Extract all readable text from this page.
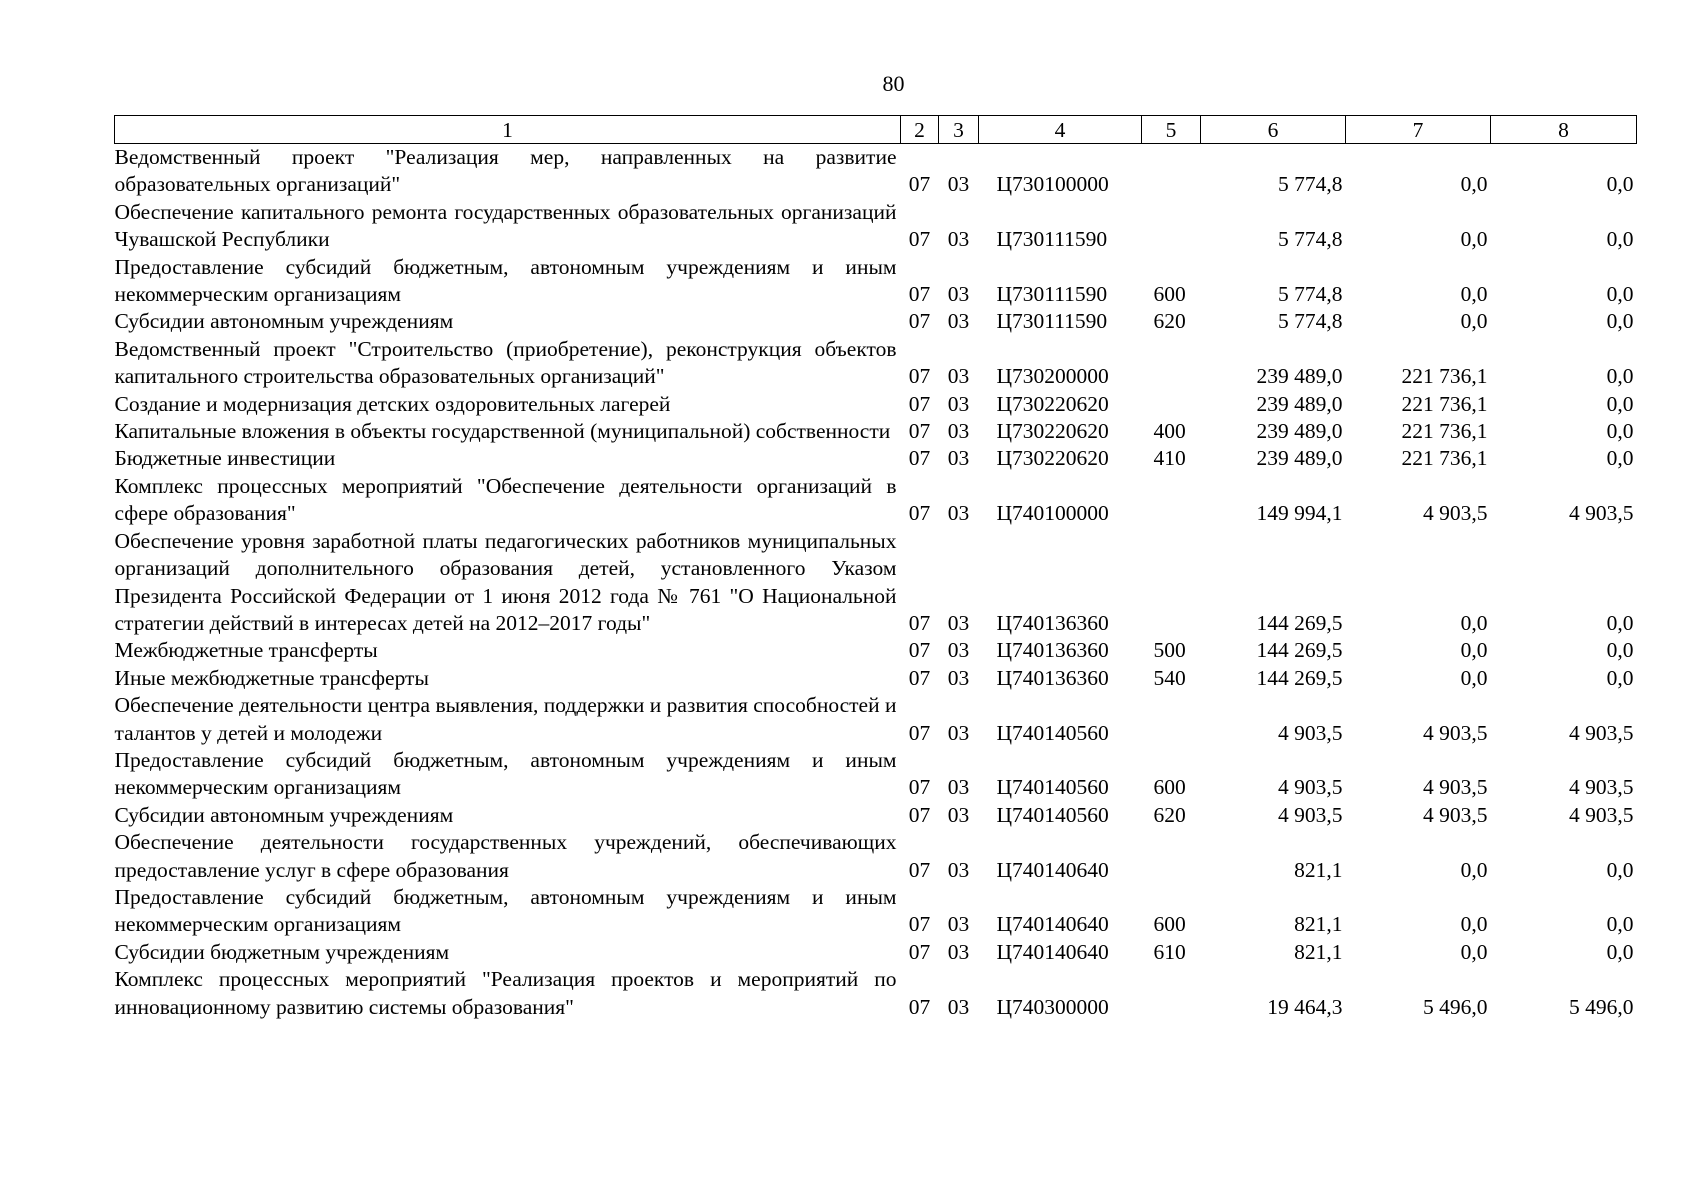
80
1	2	3	4	5	6	7	8
Ведомственный проект "Реализация мер, направленных на развитие образовательных организаций"	07	03	Ц730100000		5 774,8	0,0	0,0
Обеспечение капитального ремонта государственных образовательных организаций Чувашской Республики	07	03	Ц730111590		5 774,8	0,0	0,0
Предоставление субсидий бюджетным, автономным учреждениям и иным некоммерческим организациям	07	03	Ц730111590	600	5 774,8	0,0	0,0
Субсидии автономным учреждениям	07	03	Ц730111590	620	5 774,8	0,0	0,0
Ведомственный проект "Строительство (приобретение), реконструкция объектов капитального строительства образовательных организаций"	07	03	Ц730200000		239 489,0	221 736,1	0,0
Создание и модернизация детских оздоровительных лагерей	07	03	Ц730220620		239 489,0	221 736,1	0,0
Капитальные вложения в объекты государственной (муниципальной) собственности	07	03	Ц730220620	400	239 489,0	221 736,1	0,0
Бюджетные инвестиции	07	03	Ц730220620	410	239 489,0	221 736,1	0,0
Комплекс процессных мероприятий "Обеспечение деятельности организаций в сфере образования"	07	03	Ц740100000		149 994,1	4 903,5	4 903,5
Обеспечение уровня заработной платы педагогических работников муниципальных организаций дополнительного образования детей, установленного Указом Президента Российской Федерации от 1 июня 2012 года № 761 "О Национальной стратегии действий в интересах детей на 2012–2017 годы"	07	03	Ц740136360		144 269,5	0,0	0,0
Межбюджетные трансферты	07	03	Ц740136360	500	144 269,5	0,0	0,0
Иные межбюджетные трансферты	07	03	Ц740136360	540	144 269,5	0,0	0,0
Обеспечение деятельности центра выявления, поддержки и развития способностей и талантов у детей и молодежи	07	03	Ц740140560		4 903,5	4 903,5	4 903,5
Предоставление субсидий бюджетным, автономным учреждениям и иным некоммерческим организациям	07	03	Ц740140560	600	4 903,5	4 903,5	4 903,5
Субсидии автономным учреждениям	07	03	Ц740140560	620	4 903,5	4 903,5	4 903,5
Обеспечение деятельности государственных учреждений, обеспечивающих предоставление услуг в сфере образования	07	03	Ц740140640		821,1	0,0	0,0
Предоставление субсидий бюджетным, автономным учреждениям и иным некоммерческим организациям	07	03	Ц740140640	600	821,1	0,0	0,0
Субсидии бюджетным учреждениям	07	03	Ц740140640	610	821,1	0,0	0,0
Комплекс процессных мероприятий "Реализация проектов и мероприятий по инновационному развитию системы образования"	07	03	Ц740300000		19 464,3	5 496,0	5 496,0
